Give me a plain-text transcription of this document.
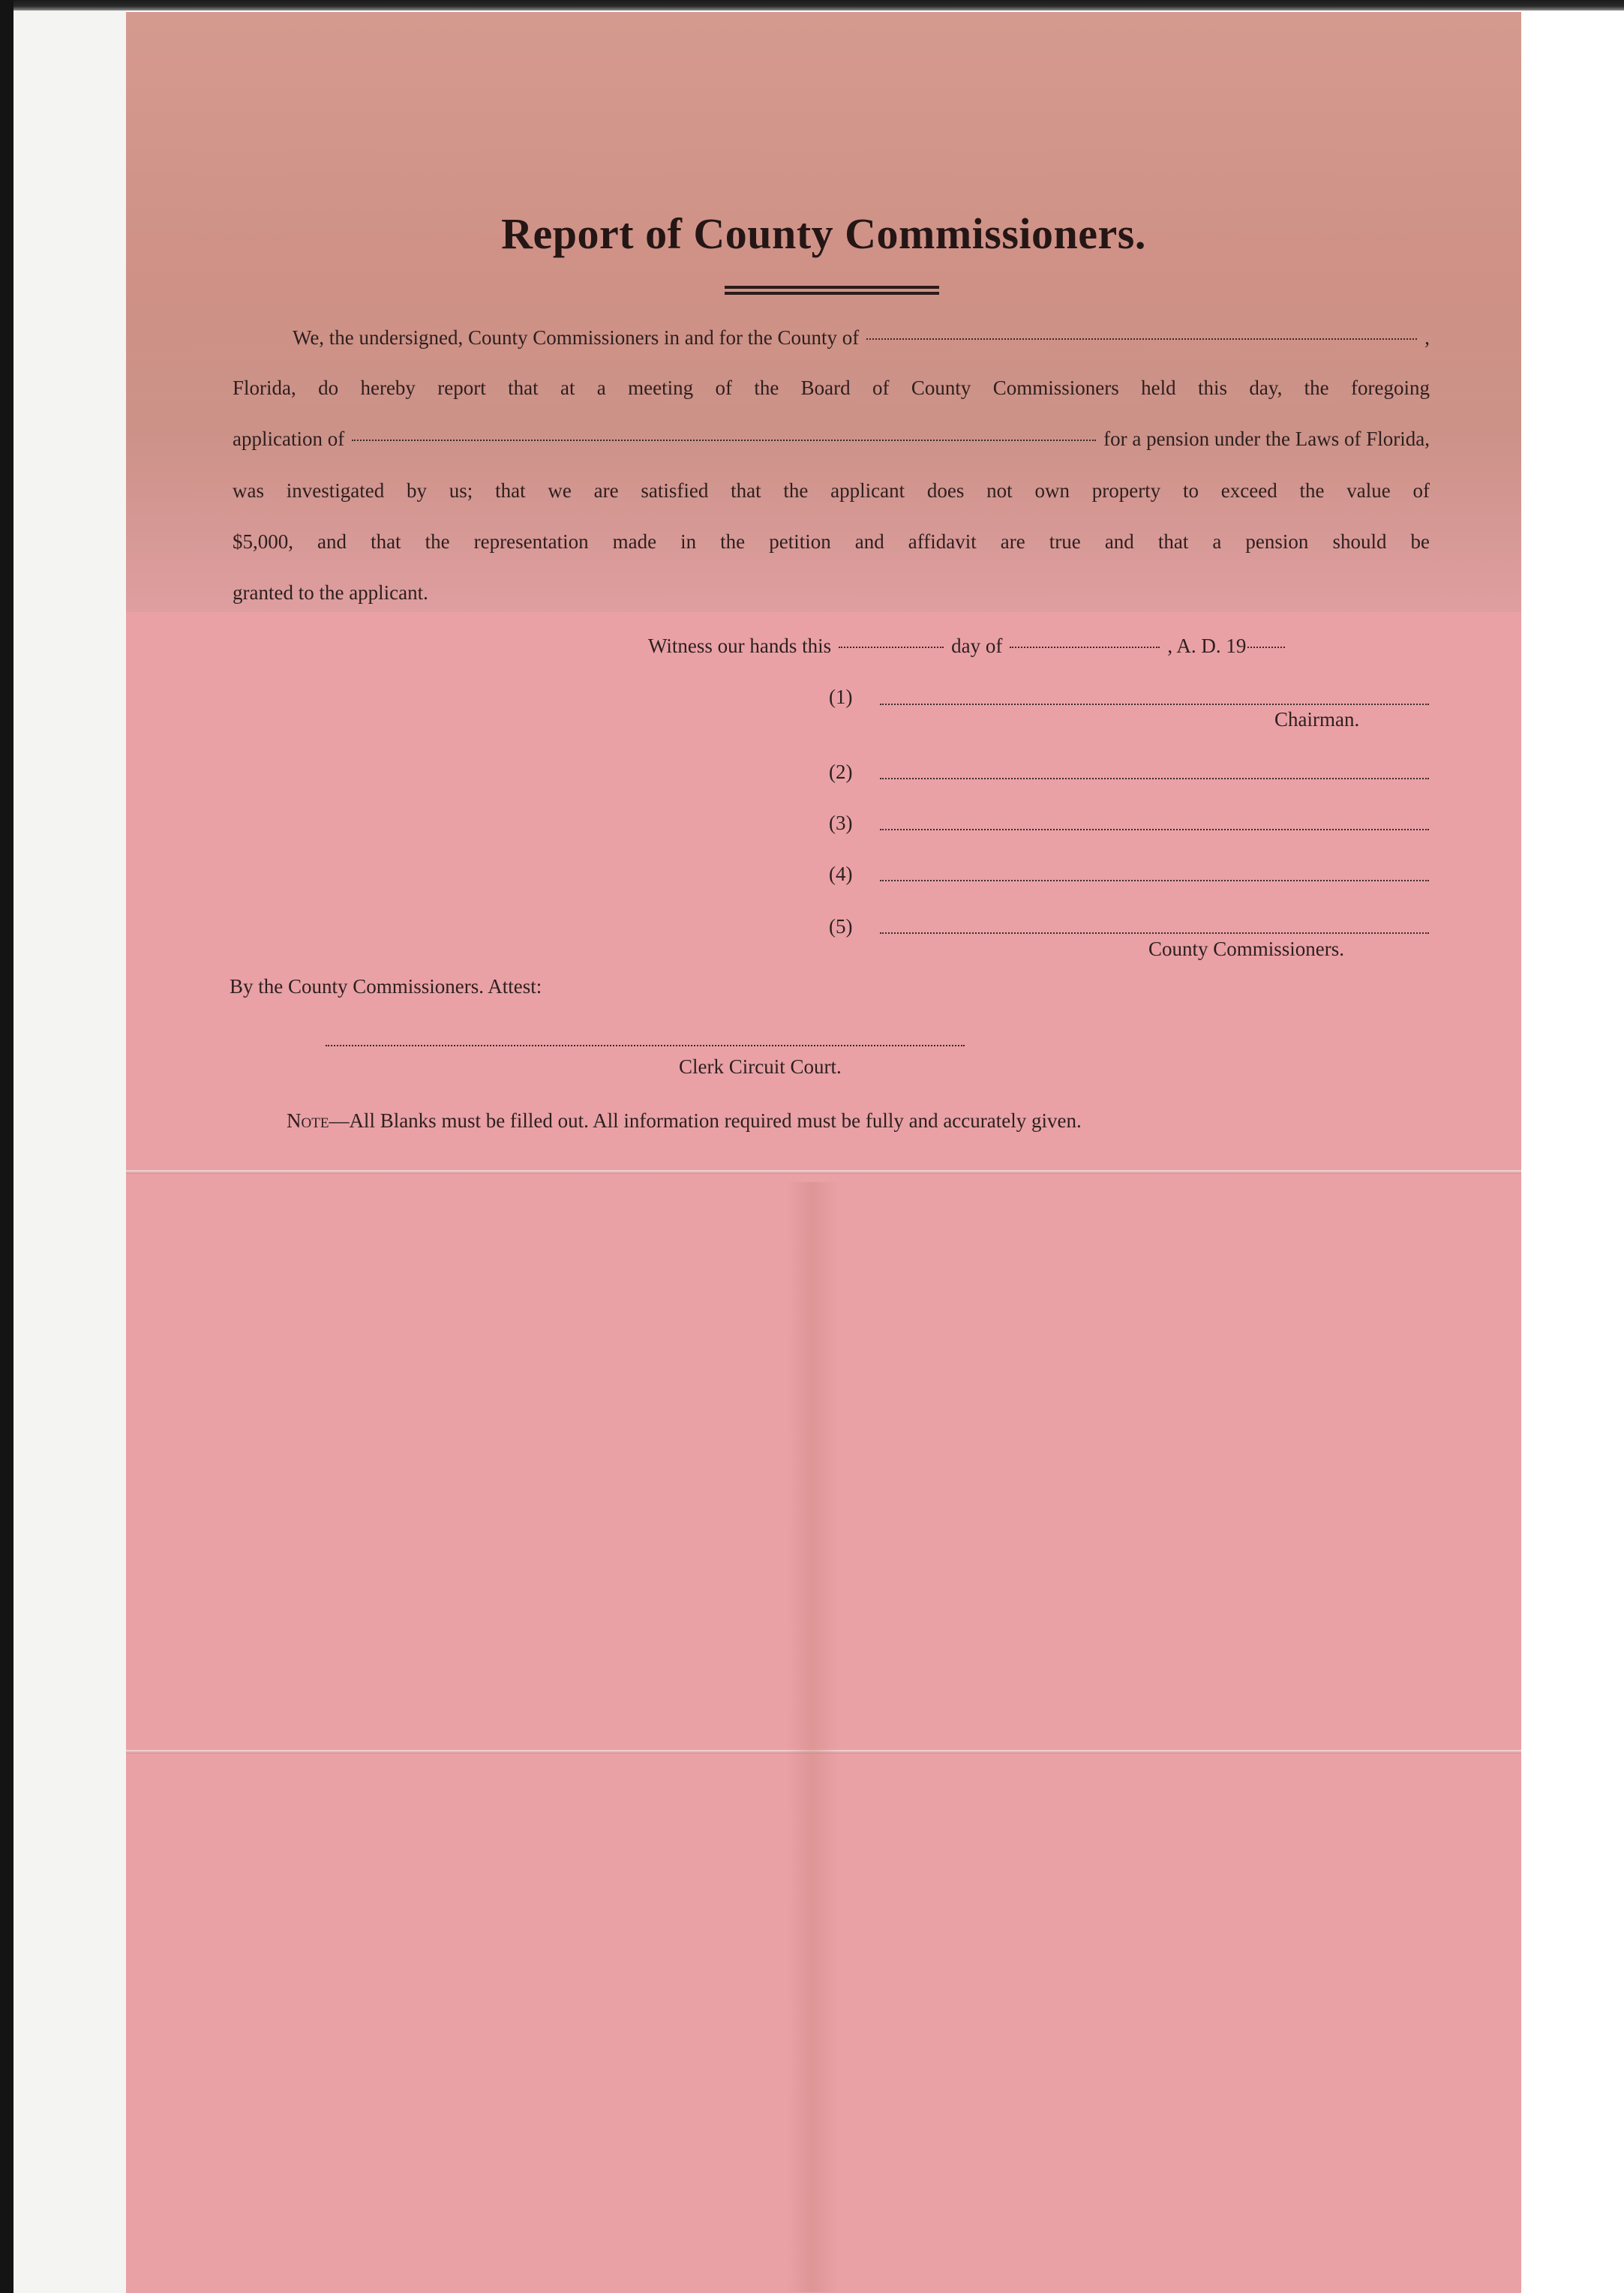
Report of County Commissioners.
We, the undersigned, County Commissioners in and for the County of	,
Florida, do hereby report that at a meeting of the Board of County Commissioners held this day, the foregoing
application of	for a pension under the Laws of Florida,
was investigated by us; that we are satisfied that the applicant does not own property to exceed the value of
$5,000, and that the representation made in the petition and affidavit are true and that a pension should be
granted to the applicant.
Witness our hands this	day of	, A. D. 19
(1)
Chairman.
(2)
(3)
(4)
(5)
County Commissioners.
By the County Commissioners. Attest:
Clerk Circuit Court.
Note—All Blanks must be filled out. All information required must be fully and accurately given.
